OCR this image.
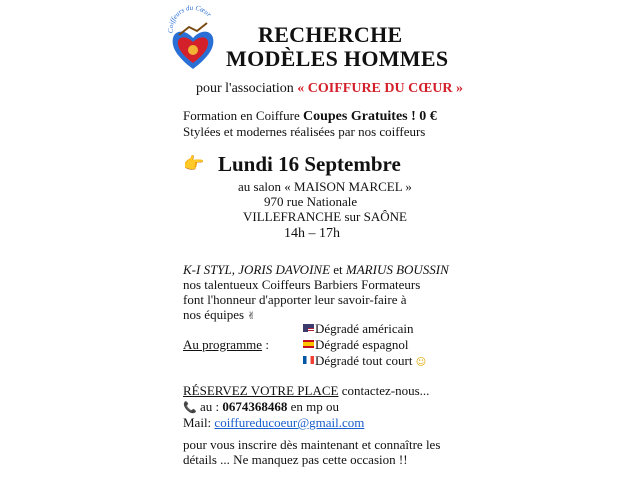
Coiffeurs du Cœur
RECHERCHE
MODÈLES HOMMES
pour l'association « COIFFURE DU CŒUR »
Formation en Coiffure Coupes Gratuites ! 0 €
Stylées et modernes réalisées par nos coiffeurs
👉 Lundi 16 Septembre
au salon « MAISON MARCEL »
970 rue Nationale
VILLEFRANCHE sur SAÔNE
14h – 17h
K-I STYL, JORIS DAVOINE et MARIUS BOUSSIN
nos talentueux Coiffeurs Barbiers Formateurs
font l'honneur d'apporter leur savoir-faire à
nos équipes ✌
Au programme :
Dégradé américain
Dégradé espagnol
Dégradé tout court ☺
RÉSERVEZ VOTRE PLACE contactez-nous...
📞 au : 0674368468 en mp ou
Mail: coiffureducoeur@gmail.com
pour vous inscrire dès maintenant et connaître les
détails ... Ne manquez pas cette occasion !!
